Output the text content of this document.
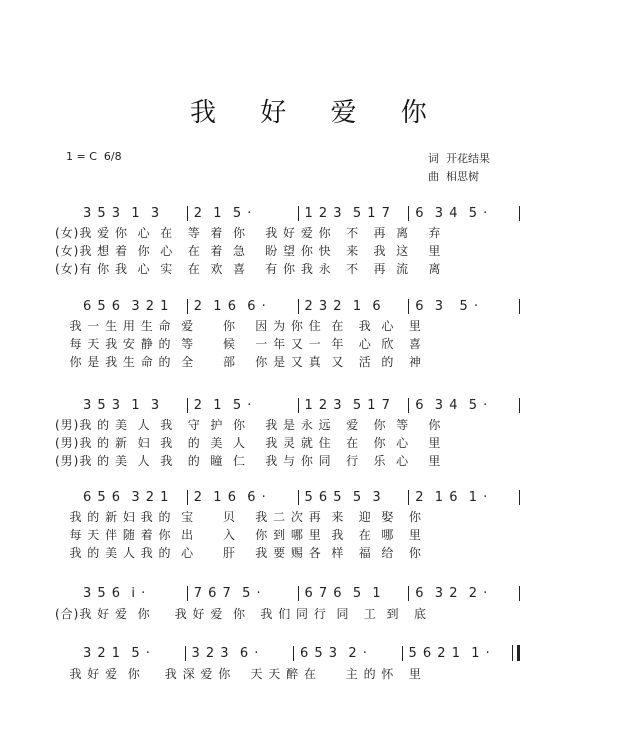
我 好 爱 你
1 = C  6/8	词  开花结果
曲  相思树
3 5 3  1  3	2  1  5 ·	1 2 3  5 1 7	6  3 4  5 ·
(女)我 爱 你  心  在   等  着  你    我 好 爱 你   不   再  离    弃
(女)我 想 着  你  心   在  着  急    盼 望 你 快   来   我  这    里
(女)有 你 我  心  实   在  欢  喜    有 你 我 永   不   再  流    离
6 5 6  3 2 1	2  1 6  6 ·	2 3 2  1  6	6  3   5 ·
我 一 生 用 生 命  爱      你    因 为 你 住  在   我  心   里
每 天 我 安 静 的  等      候    一 年 又 一  年   心  欣   喜
你 是 我 生 命 的  全      部    你 是 又 真  又   活  的   神
3 5 3  1  3	2  1  5 ·	1 2 3  5 1 7	6  3 4  5 ·
(男)我 的 美  人  我   守  护  你    我 是 永 远   爱   你  等    你
(男)我 的 新  妇  我   的  美  人    我 灵 就 住   在   你  心    里
(男)我 的 美  人  我   的  瞳  仁    我 与 你 同   行   乐  心    里
6 5 6  3 2 1	2  1 6  6 ·	5 6 5  5  3	2  1 6  1 ·
我 的 新 妇 我 的  宝      贝    我 二 次 再  来   迎  娶   你
每 天 伴 随 着 你  出      入    你 到 哪 里  我   在  哪   里
我 的 美 人 我 的  心      肝    我 要 赐 各  样   福  给   你
3 5 6  i ·	7 6 7  5 ·	6 7 6  5  1	6  3 2  2 ·
(合)我 好 爱  你     我 好 爱  你   我 们 同 行  同   工  到   底
3 2 1  5 ·	3 2 3  6 ·	6 5 3  2 ·	5 6 2 1  1 ·
我 好 爱  你     我 深 爱 你    天 天 醉 在      主 的 怀   里
